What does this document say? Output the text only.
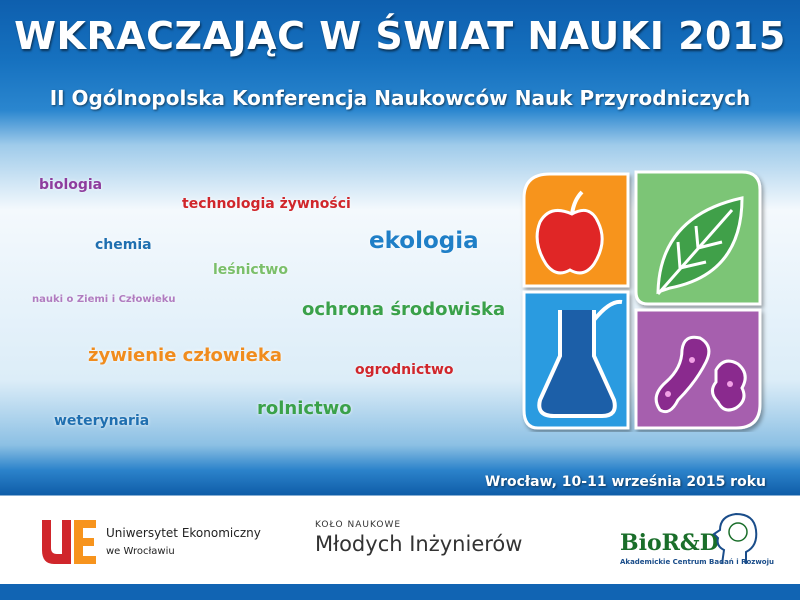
WKRACZAJĄC W ŚWIAT NAUKI 2015
II Ogólnopolska Konferencja Naukowców Nauk Przyrodniczych
biologia
technologia żywności
chemia	ekologia
leśnictwo
nauki o Ziemi i Człowieku	ochrona środowiska
żywienie człowieka
ogrodnictwo
rolnictwo
weterynaria
Wrocław, 10-11 września 2015 roku
Uniwersytet Ekonomiczny
we Wrocławiu
KOŁO NAUKOWE
Młodych Inżynierów	BioR&D
Akademickie Centrum Badań i Rozwoju
